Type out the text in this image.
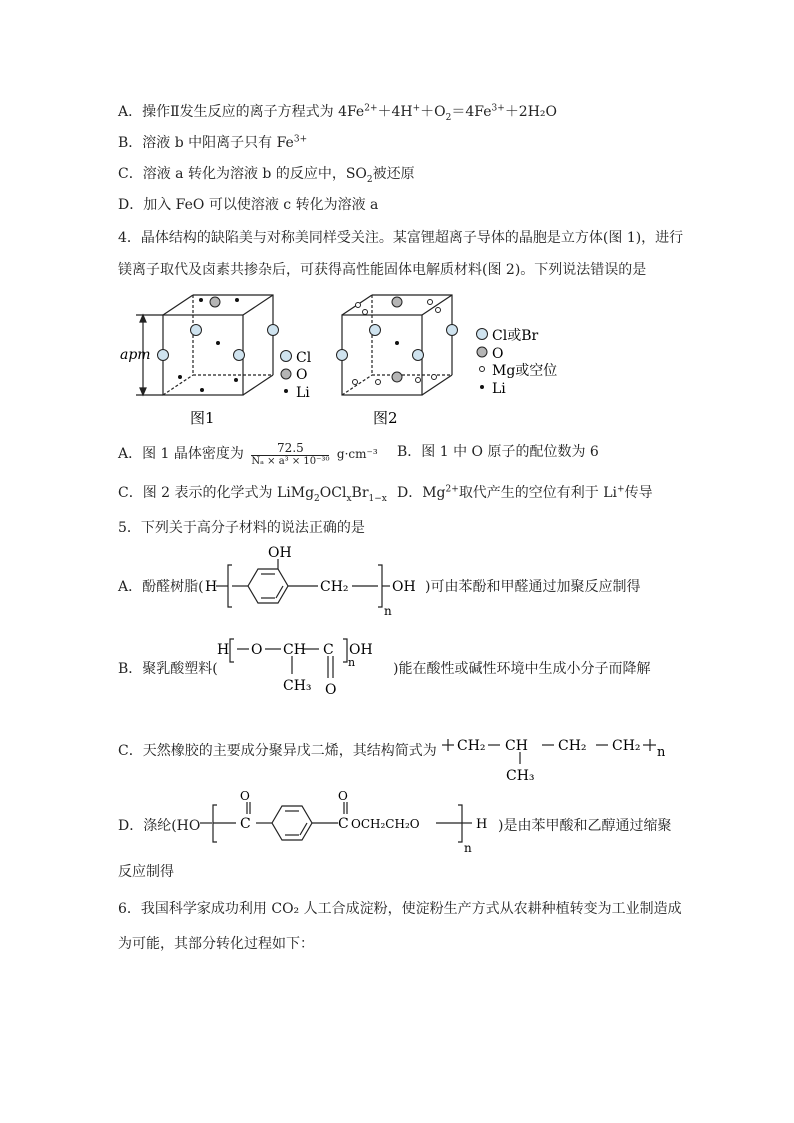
A．操作Ⅱ发生反应的离子方程式为 $4Fe^{2+}+4H^++O_2=4Fe^{3+}+2H_2O$
B．溶液 b 中阳离子只有 $Fe^{3+}$
C．溶液 a 转化为溶液 b 的反应中，$SO_2$被还原
D．加入 FeO 可以使溶液 c 转化为溶液 a
4．晶体结构的缺陷美与对称美同样受关注。某富锂超离子导体的晶胞是立方体(图 1)，进行
镁离子取代及卤素共掺杂后，可获得高性能固体电解质材料(图 2)。下列说法错误的是
apm	Cl
O
Li
图1
Cl或Br
O
Mg或空位
Li
图2
A．图 1 晶体密度为	72.5
Nₐ × a³ × 10⁻³⁰
g·cm⁻³ B．图 1 中 O 原子的配位数为 6
C．图 2 表示的化学式为 $LiMg_2OCl_xBr_{1-x}$ D．$Mg^{2+}$取代产生的空位有利于 Li+传导
5．下列关于高分子材料的说法正确的是
A．酚醛树脂( H
OH
CH₂
n
OH )可由苯酚和甲醛通过加聚反应制得
B．聚乳酸塑料(
H O CH C OH
n
CH₃ O
)能在酸性或碱性环境中生成小分子而降解
C．天然橡胶的主要成分聚异戊二烯，其结构简式为 CH₂ CH CH₂ CH₂ n
CH₃
D．涤纶(HO
O
C
O
C OCH₂CH₂O	H
n
)是由苯甲酸和乙醇通过缩聚
反应制得
6．我国科学家成功利用 CO₂ 人工合成淀粉，使淀粉生产方式从农耕种植转变为工业制造成
为可能，其部分转化过程如下：
